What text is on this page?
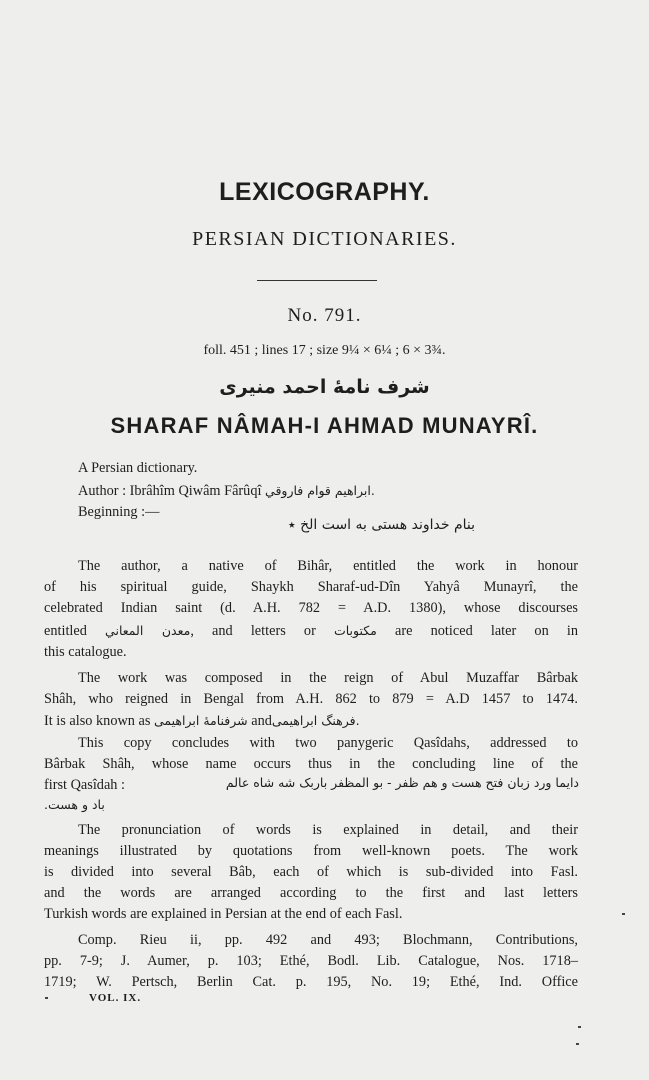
LEXICOGRAPHY.
PERSIAN DICTIONARIES.
No. 791.
foll. 451 ; lines 17 ; size 9¼ × 6¼ ; 6 × 3¾.
شرف نامۀ احمد منیری
SHARAF NÂMAH-I AHMAD MUNAYRÎ.
A Persian dictionary.
Author : Ibrâhîm Qiwâm Fârûqî ابراهیم قوام فاروقي.
Beginning :—
بنام خداوند هستی به است الخ ٭
The author, a native of Bihâr, entitled the work in honour
of his spiritual guide, Shaykh Sharaf-ud-Dîn Yahyâ Munayrî, the
celebrated Indian saint (d. A.H. 782 = A.D. 1380), whose discourses
entitled معدن المعاني, and letters or مکتوبات are noticed later on in
this catalogue.
The work was composed in the reign of Abul Muzaffar Bârbak
Shâh, who reigned in Bengal from A.H. 862 to 879 = A.D 1457 to 1474.
It is also known as شرفنامۀ ابراهیمی andفرهنگ ابراهیمی.
This copy concludes with two panygeric Qasîdahs, addressed to
Bârbak Shâh, whose name occurs thus in the concluding line of the
first Qasîdah :	دایما ورد زبان فتح هست و هم ظفر - بو المظفر باربک شه شاه عالم
باد و هست.
The pronunciation of words is explained in detail, and their
meanings illustrated by quotations from well-known poets. The work
is divided into several Bâb, each of which is sub-divided into Fasl.
and the words are arranged according to the first and last letters
Turkish words are explained in Persian at the end of each Fasl.
Comp. Rieu ii, pp. 492 and 493; Blochmann, Contributions,
pp. 7-9; J. Aumer, p. 103; Ethé, Bodl. Lib. Catalogue, Nos. 1718–
1719; W. Pertsch, Berlin Cat. p. 195, No. 19; Ethé, Ind. Office
VOL. IX.
